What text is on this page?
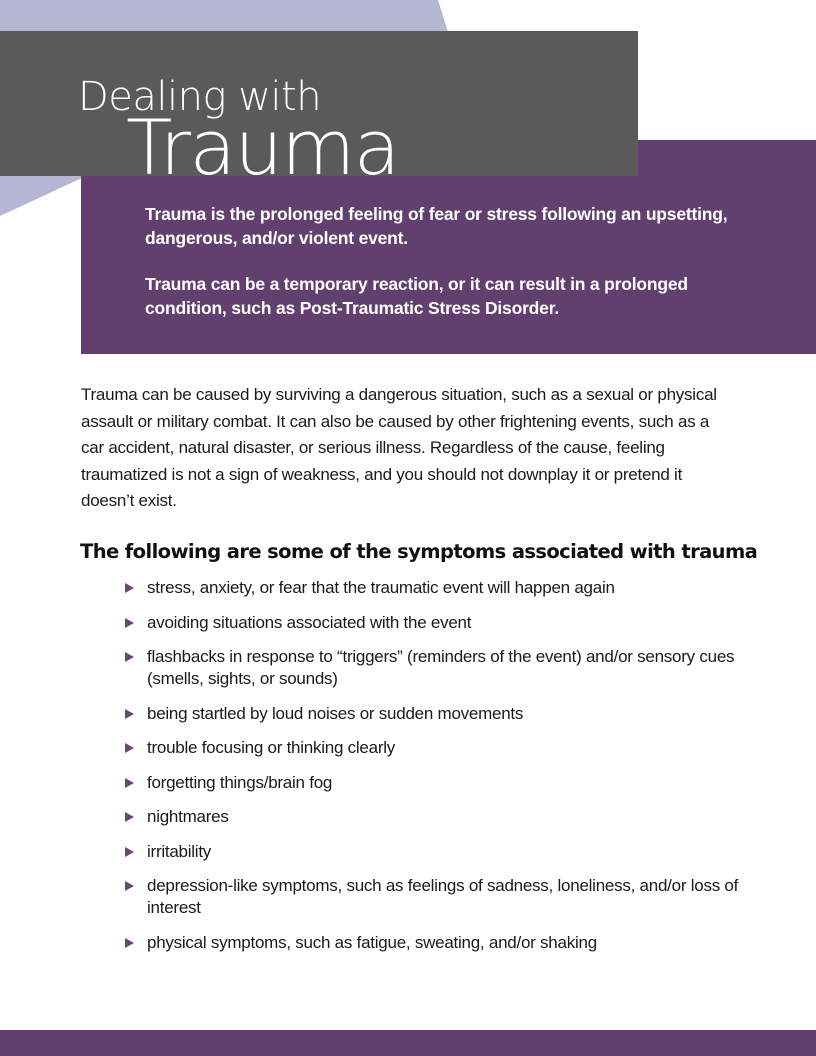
Trauma is the prolonged feeling of fear or stress following an upsetting, dangerous, and/or violent event.

Trauma can be a temporary reaction, or it can result in a prolonged condition, such as Post-Traumatic Stress Disorder.

Dealing with
Trauma

Trauma can be caused by surviving a dangerous situation, such as a sexual or physical assault or military combat. It can also be caused by other frightening events, such as a car accident, natural disaster, or serious illness. Regardless of the cause, feeling traumatized is not a sign of weakness, and you should not downplay it or pretend it doesn’t exist.

The following are some of the symptoms associated with trauma
stress, anxiety, or fear that the traumatic event will happen again
avoiding situations associated with the event
flashbacks in response to “triggers” (reminders of the event) and/or sensory cues (smells, sights, or sounds)
being startled by loud noises or sudden movements
trouble focusing or thinking clearly
forgetting things/brain fog
nightmares
irritability
depression-like symptoms, such as feelings of sadness, loneliness, and/or loss of interest
physical symptoms, such as fatigue, sweating, and/or shaking
